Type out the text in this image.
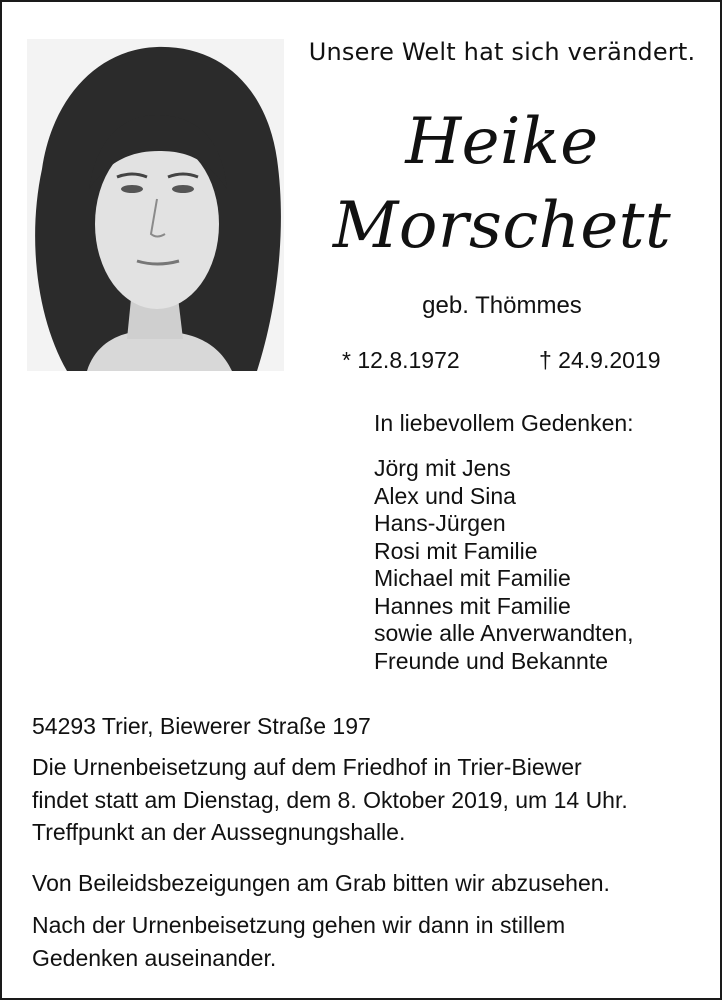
Unsere Welt hat sich verändert.
Heike
Morschett
geb. Thömmes
* 12.8.1972	† 24.9.2019
In liebevollem Gedenken:
Jörg mit Jens
Alex und Sina
Hans-Jürgen
Rosi mit Familie
Michael mit Familie
Hannes mit Familie
sowie alle Anverwandten,
Freunde und Bekannte
54293 Trier, Biewerer Straße 197

Die Urnenbeisetzung auf dem Friedhof in Trier-Biewer
findet statt am Dienstag, dem 8. Oktober 2019, um 14 Uhr.
Treffpunkt an der Aussegnungshalle.

Von Beileidsbezeigungen am Grab bitten wir abzusehen.

Nach der Urnenbeisetzung gehen wir dann in stillem
Gedenken auseinander.
